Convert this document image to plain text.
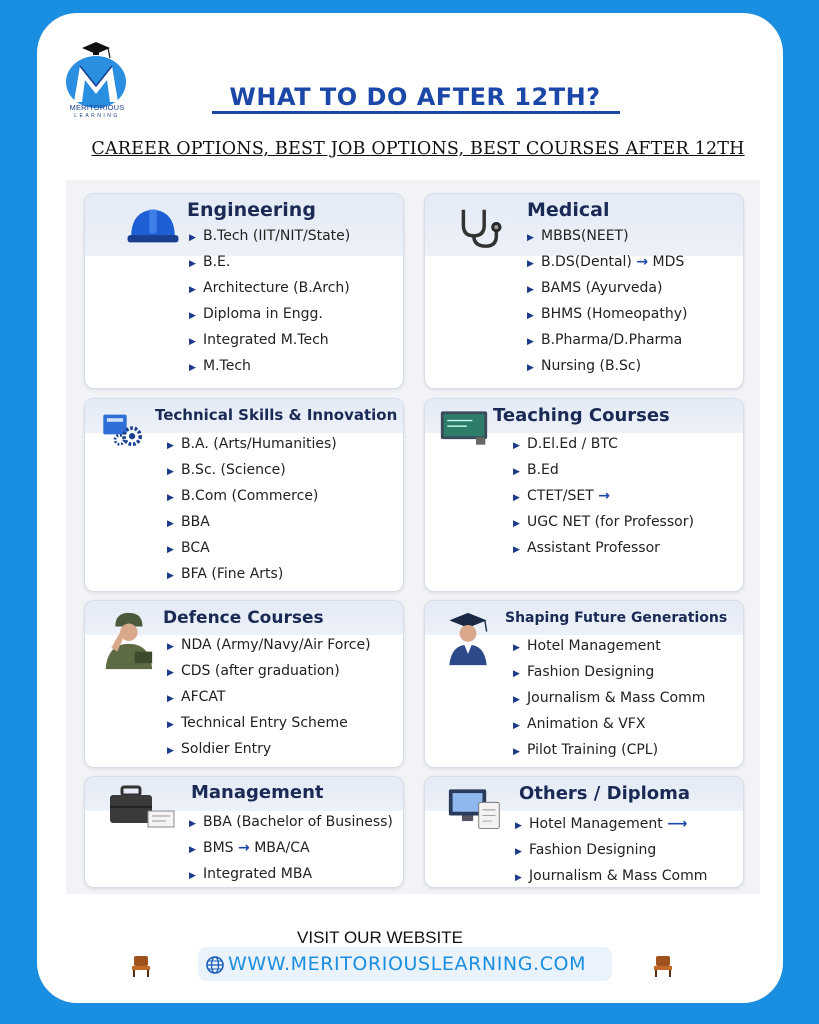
MERITORIOUS
LEARNING
WHAT TO DO AFTER 12TH?
CAREER OPTIONS, BEST JOB OPTIONS, BEST COURSES AFTER 12TH
Engineering
▶ B.Tech (IIT/NIT/State)
▶ B.E.
▶ Architecture (B.Arch)
▶ Diploma in Engg.
▶ Integrated M.Tech
▶ M.Tech
Medical
▶ MBBS(NEET)
▶ B.DS(Dental) → MDS
▶ BAMS (Ayurveda)
▶ BHMS (Homeopathy)
▶ B.Pharma/D.Pharma
▶ Nursing (B.Sc)
Technical Skills & Innovation
▶ B.A. (Arts/Humanities)
▶ B.Sc. (Science)
▶ B.Com (Commerce)
▶ BBA
▶ BCA
▶ BFA (Fine Arts)
Teaching Courses
▶ D.El.Ed / BTC
▶ B.Ed
▶ CTET/SET →
▶ UGC NET (for Professor)
▶ Assistant Professor
Defence Courses
▶ NDA (Army/Navy/Air Force)
▶ CDS (after graduation)
▶ AFCAT
▶ Technical Entry Scheme
▶ Soldier Entry
Shaping Future Generations
▶ Hotel Management
▶ Fashion Designing
▶ Journalism & Mass Comm
▶ Animation & VFX
▶ Pilot Training (CPL)
Management
▶ BBA (Bachelor of Business)
▶ BMS → MBA/CA
▶ Integrated MBA
Others / Diploma
▶ Hotel Management ⟶
▶ Fashion Designing
▶ Journalism & Mass Comm
VISIT OUR WEBSITE
WWW.MERITORIOUSLEARNING.COM
